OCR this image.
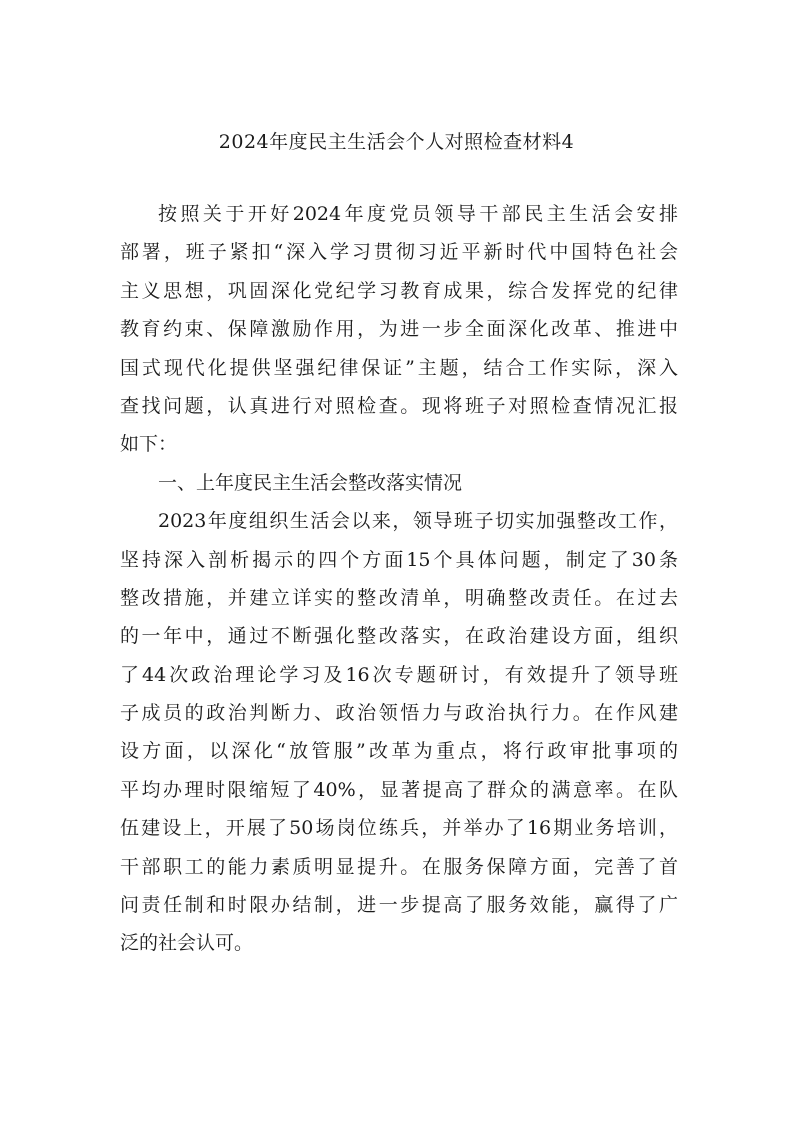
2024年度民主生活会个人对照检查材料4
按照关于开好2024年度党员领导干部民主生活会安排
部署，班子紧扣“深入学习贯彻习近平新时代中国特色社会
主义思想，巩固深化党纪学习教育成果，综合发挥党的纪律
教育约束、保障激励作用，为进一步全面深化改革、推进中
国式现代化提供坚强纪律保证”主题，结合工作实际，深入
查找问题，认真进行对照检查。现将班子对照检查情况汇报
如下：
一、上年度民主生活会整改落实情况
2023年度组织生活会以来，领导班子切实加强整改工作，
坚持深入剖析揭示的四个方面15个具体问题，制定了30条
整改措施，并建立详实的整改清单，明确整改责任。在过去
的一年中，通过不断强化整改落实，在政治建设方面，组织
了44次政治理论学习及16次专题研讨，有效提升了领导班
子成员的政治判断力、政治领悟力与政治执行力。在作风建
设方面，以深化“放管服”改革为重点，将行政审批事项的
平均办理时限缩短了40%，显著提高了群众的满意率。在队
伍建设上，开展了50场岗位练兵，并举办了16期业务培训，
干部职工的能力素质明显提升。在服务保障方面，完善了首
问责任制和时限办结制，进一步提高了服务效能，赢得了广
泛的社会认可。
